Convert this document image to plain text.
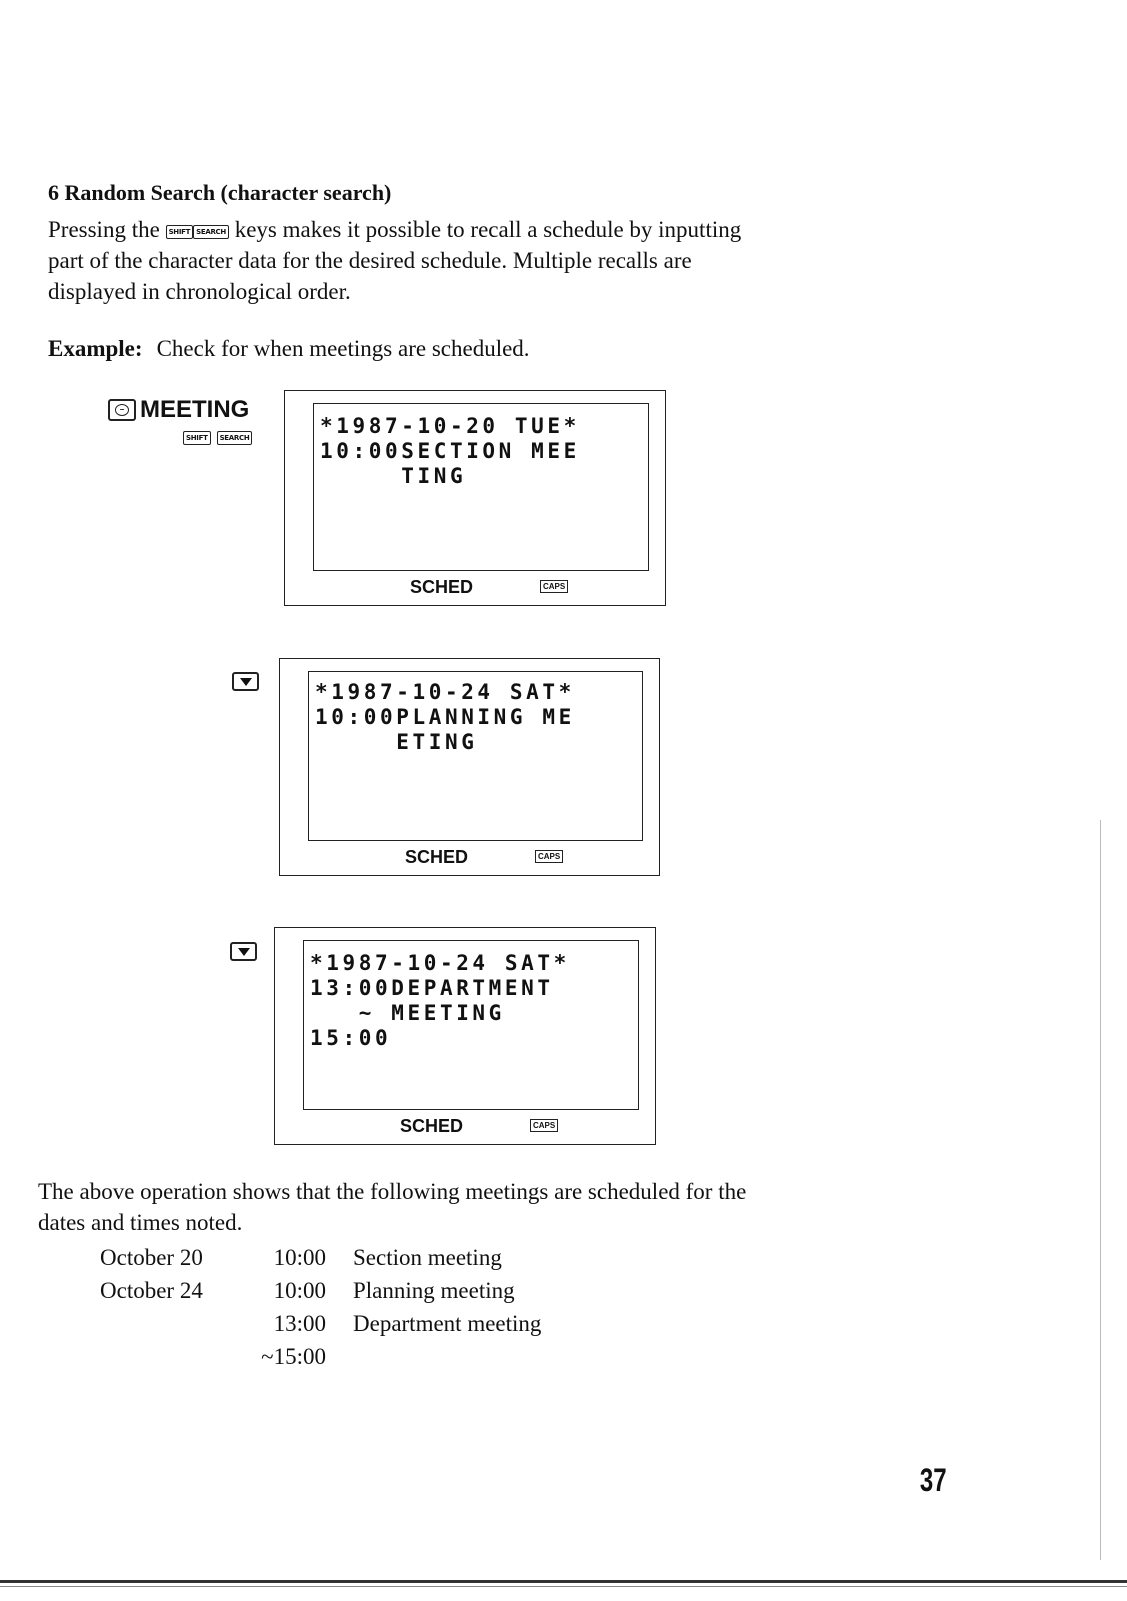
6 Random Search (character search)
Pressing the SHIFT SEARCH keys makes it possible to recall a schedule by inputting
part of the character data for the desired schedule. Multiple recalls are
displayed in chronological order.
Example: Check for when meetings are scheduled.
− MEETING
SHIFT	SEARCH	*1987-10-20 TUE*
10:00SECTION MEE
TING
SCHED	CAPS
*1987-10-24 SAT*
10:00PLANNING ME
ETING
SCHED	CAPS
*1987-10-24 SAT*
13:00DEPARTMENT
~ MEETING
15:00
SCHED	CAPS
The above operation shows that the following meetings are scheduled for the
dates and times noted.
October 20	10:00 Section meeting
October 24	10:00 Planning meeting
13:00 Department meeting
~15:00
37
